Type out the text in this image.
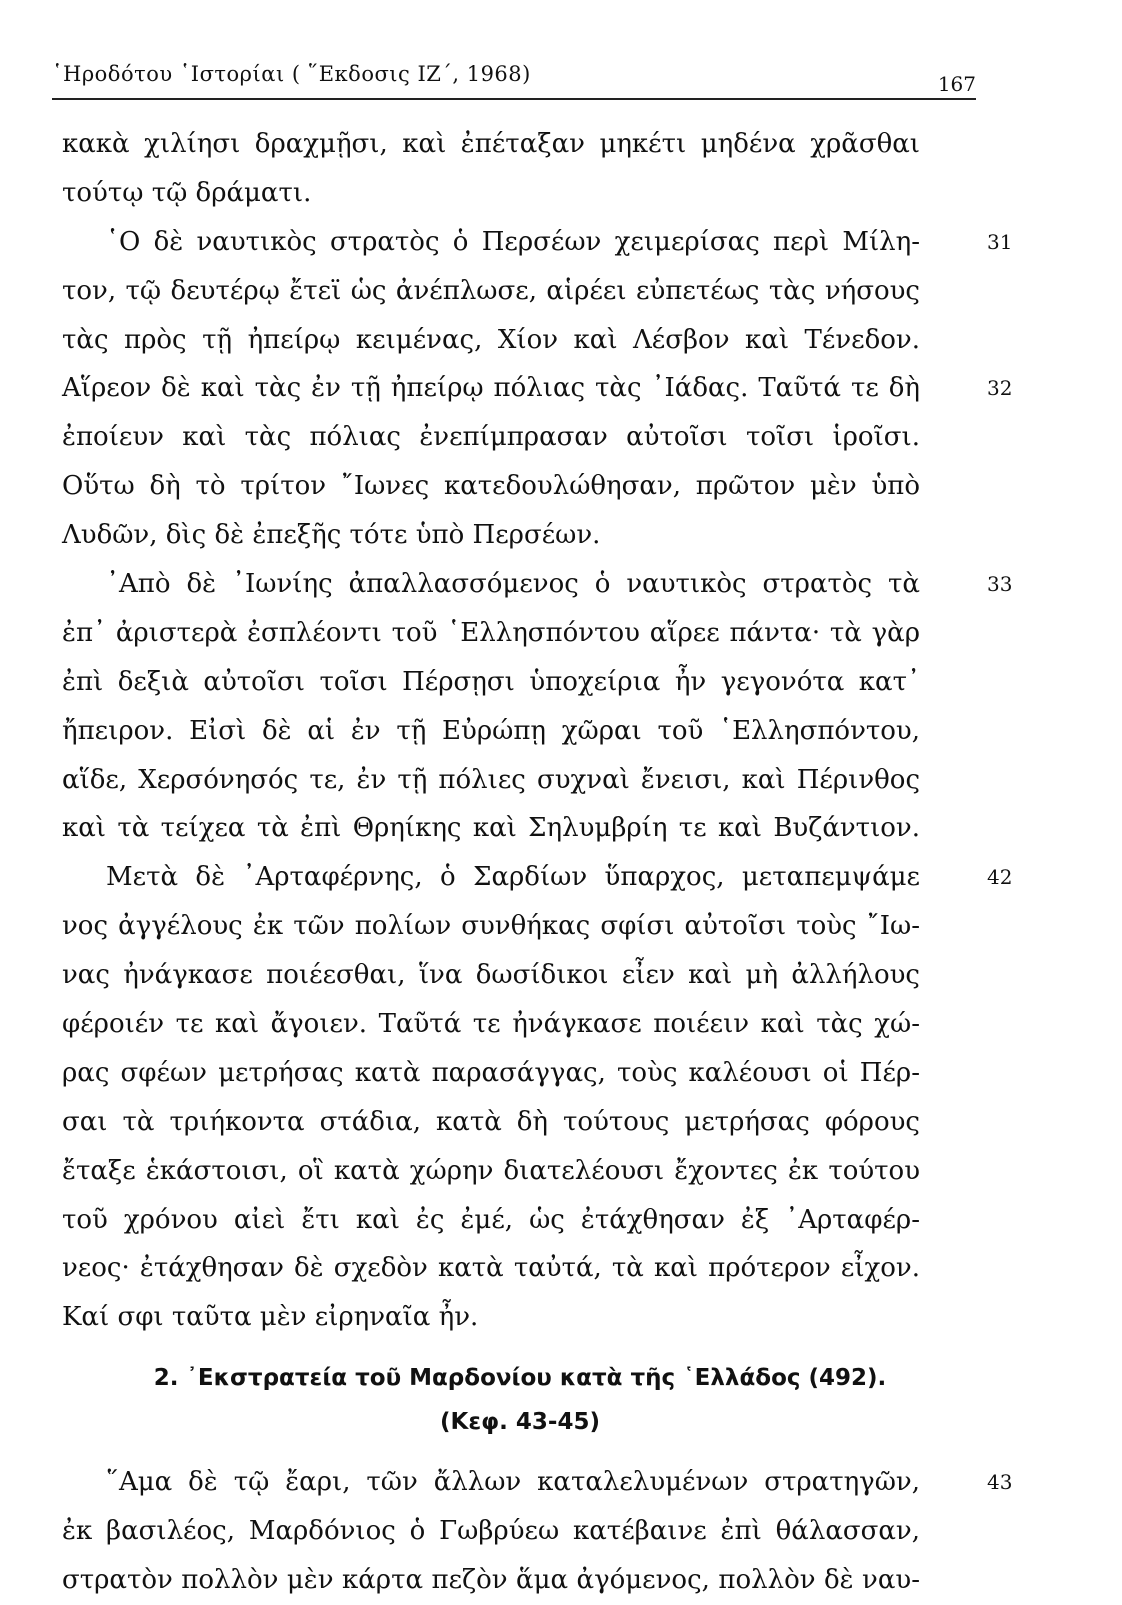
῾Ηροδότου ῾Ιστορίαι ( ῞Εκδοσις ΙΖ΄, 1968)	167
κακὰ χιλίησι δραχμῇσι, καὶ ἐπέταξαν μηκέτι μηδένα χρᾶσθαι
τούτῳ τῷ δράματι.
῾Ο δὲ ναυτικὸς στρατὸς ὁ Περσέων χειμερίσας περὶ Μίλη-	31
τον, τῷ δευτέρῳ ἔτεϊ ὡς ἀνέπλωσε, αἱρέει εὐπετέως τὰς νήσους
τὰς πρὸς τῇ ἠπείρῳ κειμένας, Χίον καὶ Λέσβον καὶ Τένεδον.
Αἵρεον δὲ καὶ τὰς ἐν τῇ ἠπείρῳ πόλιας τὰς ᾿Ιάδας. Ταῦτά τε δὴ	32
ἐποίευν καὶ τὰς πόλιας ἐνεπίμπρασαν αὐτοῖσι τοῖσι ἱροῖσι.
Οὕτω δὴ τὸ τρίτον ῎Ιωνες κατεδουλώθησαν, πρῶτον μὲν ὑπὸ
Λυδῶν, δὶς δὲ ἐπεξῆς τότε ὑπὸ Περσέων.
᾿Απὸ δὲ ᾿Ιωνίης ἀπαλλασσόμενος ὁ ναυτικὸς στρατὸς τὰ	33
ἐπ᾿ ἀριστερὰ ἐσπλέοντι τοῦ ῾Ελλησπόντου αἵρεε πάντα· τὰ γὰρ
ἐπὶ δεξιὰ αὐτοῖσι τοῖσι Πέρσῃσι ὑποχείρια ἦν γεγονότα κατ᾿
ἤπειρον. Εἰσὶ δὲ αἱ ἐν τῇ Εὐρώπῃ χῶραι τοῦ ῾Ελλησπόντου,
αἵδε, Χερσόνησός τε, ἐν τῇ πόλιες συχναὶ ἔνεισι, καὶ Πέρινθος
καὶ τὰ τείχεα τὰ ἐπὶ Θρηίκης καὶ Σηλυμβρίη τε καὶ Βυζάντιον.
Μετὰ δὲ ᾿Αρταφέρνης, ὁ Σαρδίων ὕπαρχος, μεταπεμψάμε	42
νος ἀγγέλους ἐκ τῶν πολίων συνθήκας σφίσι αὐτοῖσι τοὺς ῎Ιω-
νας ἠνάγκασε ποιέεσθαι, ἵνα δωσίδικοι εἶεν καὶ μὴ ἀλλήλους
φέροιέν τε καὶ ἄγοιεν. Ταῦτά τε ἠνάγκασε ποιέειν καὶ τὰς χώ-
ρας σφέων μετρήσας κατὰ παρασάγγας, τοὺς καλέουσι οἱ Πέρ-
σαι τὰ τριήκοντα στάδια, κατὰ δὴ τούτους μετρήσας φόρους
ἔταξε ἑκάστοισι, οἳ κατὰ χώρην διατελέουσι ἔχοντες ἐκ τούτου
τοῦ χρόνου αἰεὶ ἔτι καὶ ἐς ἐμέ, ὡς ἐτάχθησαν ἐξ ᾿Αρταφέρ-
νεος· ἐτάχθησαν δὲ σχεδὸν κατὰ ταὐτά, τὰ καὶ πρότερον εἶχον.
Καί σφι ταῦτα μὲν εἰρηναῖα ἦν.
2. ᾿Εκστρατεία τοῦ Μαρδονίου κατὰ τῆς ῾Ελλάδος (492).
(Κεφ. 43-45)
῞Αμα δὲ τῷ ἔαρι, τῶν ἄλλων καταλελυμένων στρατηγῶν,	43
ἐκ βασιλέος, Μαρδόνιος ὁ Γωβρύεω κατέβαινε ἐπὶ θάλασσαν,
στρατὸν πολλὸν μὲν κάρτα πεζὸν ἅμα ἀγόμενος, πολλὸν δὲ ναυ-
